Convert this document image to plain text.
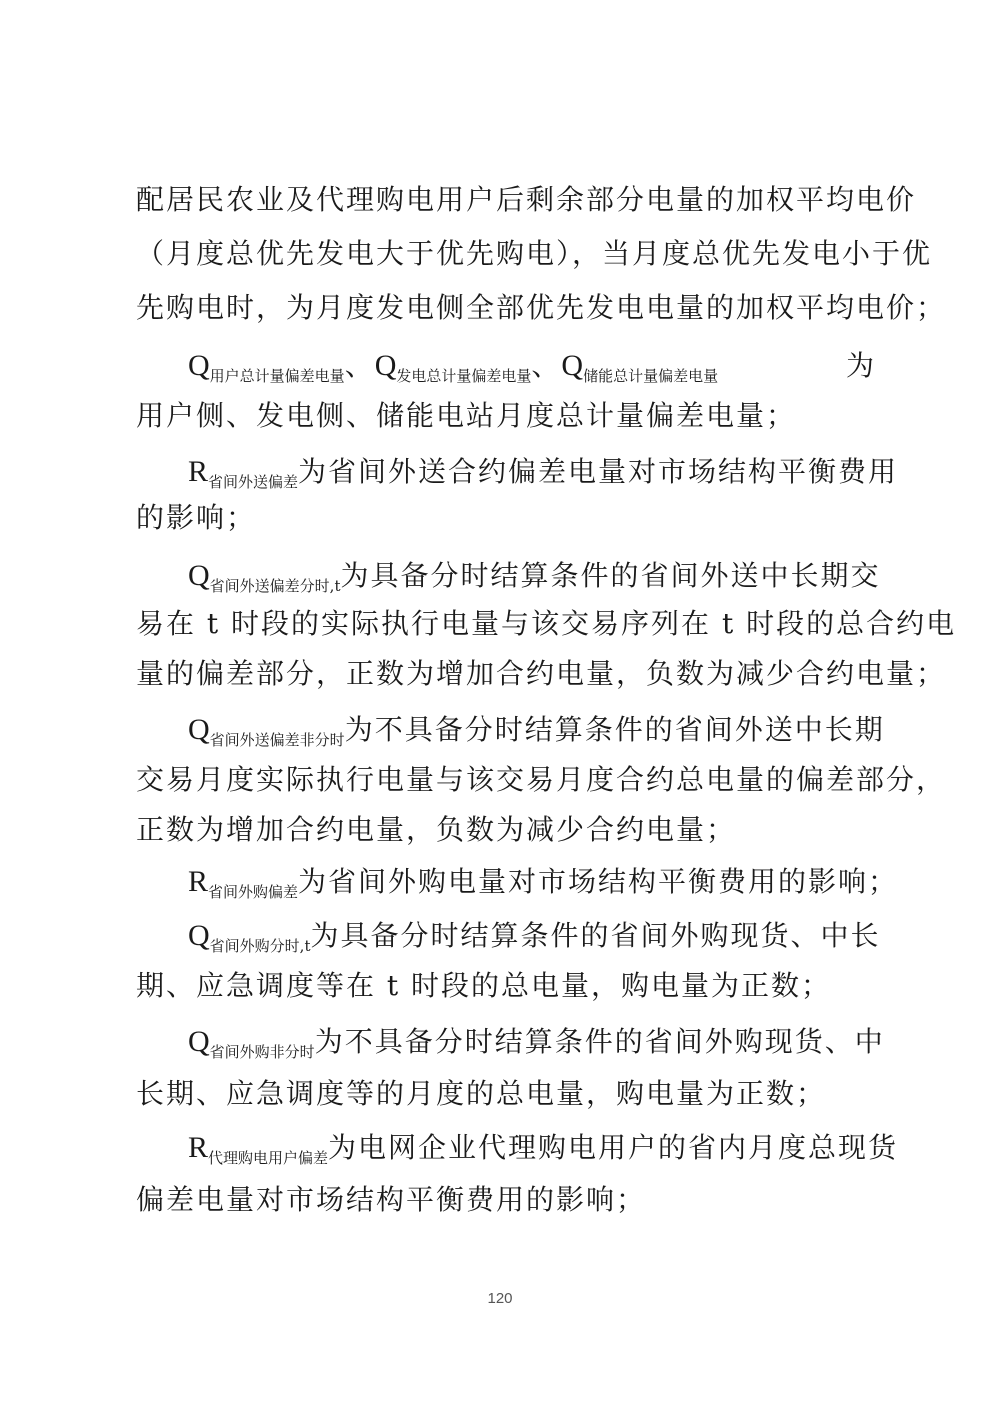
配居民农业及代理购电用户后剩余部分电量的加权平均电价
（月度总优先发电大于优先购电），当月度总优先发电小于优
先购电时，为月度发电侧全部优先发电电量的加权平均电价；
$Q_{用户总计量偏差电量}$、$Q_{发电总计量偏差电量}$、$Q_{储能总计量偏差电量}$	为
用户侧、发电侧、储能电站月度总计量偏差电量；
$R_{省间外送偏差}$为省间外送合约偏差电量对市场结构平衡费用
的影响；
$Q_{省间外送偏差分时,t}$为具备分时结算条件的省间外送中长期交
易在 t 时段的实际执行电量与该交易序列在 t 时段的总合约电
量的偏差部分，正数为增加合约电量，负数为减少合约电量；
$Q_{省间外送偏差非分时}$为不具备分时结算条件的省间外送中长期
交易月度实际执行电量与该交易月度合约总电量的偏差部分，
正数为增加合约电量，负数为减少合约电量；
$R_{省间外购偏差}$为省间外购电量对市场结构平衡费用的影响；
$Q_{省间外购分时,t}$为具备分时结算条件的省间外购现货、中长
期、应急调度等在 t 时段的总电量，购电量为正数；
$Q_{省间外购非分时}$为不具备分时结算条件的省间外购现货、中
长期、应急调度等的月度的总电量，购电量为正数；
$R_{代理购电用户偏差}$为电网企业代理购电用户的省内月度总现货
偏差电量对市场结构平衡费用的影响；
120
